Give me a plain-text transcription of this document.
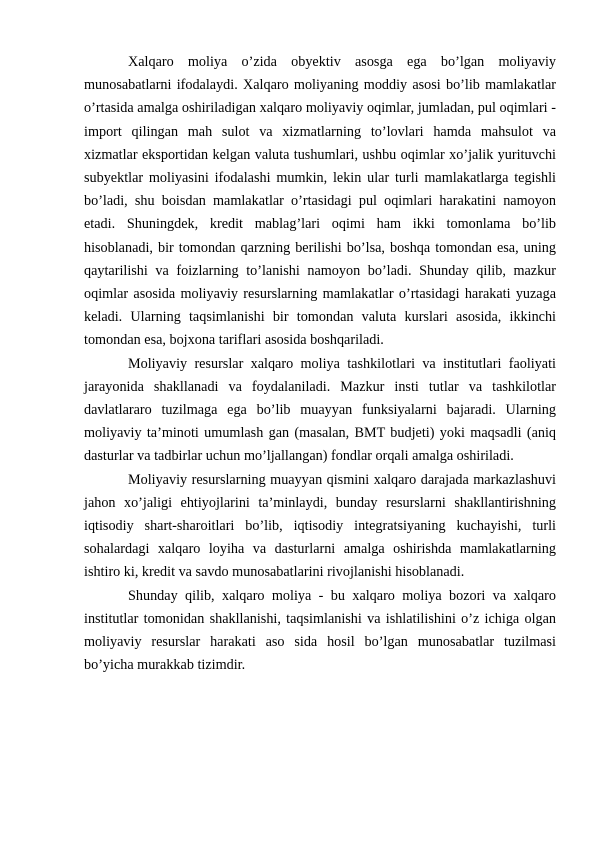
Xalqaro moliya o’zida obyektiv asosga ega bo’lgan moliyaviy munosabatlarni ifodalaydi. Xalqaro moliyaning moddiy asosi bo’lib mamlakatlar o’rtasida amalga oshiriladigan xalqaro moliyaviy oqimlar, jumladan, pul oqimlari - import qilingan mah sulot va xizmatlarning to’lovlari hamda mahsulot va xizmatlar eksportidan kelgan valuta tushumlari, ushbu oqimlar xo’jalik yurituvchi subyektlar moliyasini ifodalashi mumkin, lekin ular turli mamlakatlarga tegishli bo’ladi, shu boisdan mamlakatlar o’rtasidagi pul oqimlari harakatini namoyon etadi. Shuningdek, kredit mablag’lari oqimi ham ikki tomonlama bo’lib hisoblanadi, bir tomondan qarzning berilishi bo’lsa, boshqa tomondan esa, uning qaytarilishi va foizlarning to’lanishi namoyon bo’ladi. Shunday qilib, mazkur oqimlar asosida moliyaviy resurslarning mamlakatlar o’rtasidagi harakati yuzaga keladi. Ularning taqsimlanishi bir tomondan valuta kurslari asosida, ikkinchi tomondan esa, bojxona tariflari asosida boshqariladi.

Moliyaviy resurslar xalqaro moliya tashkilotlari va institutlari faoliyati jarayonida shakllanadi va foydalaniladi. Mazkur insti tutlar va tashkilotlar davlatlararo tuzilmaga ega bo’lib muayyan funksiyalarni bajaradi. Ularning moliyaviy ta’minoti umumlash gan (masalan, BMT budjeti) yoki maqsadli (aniq dasturlar va tadbirlar uchun mo’ljallangan) fondlar orqali amalga oshiriladi.

Moliyaviy resurslarning muayyan qismini xalqaro darajada markazlashuvi jahon xo’jaligi ehtiyojlarini ta’minlaydi, bunday resurslarni shakllantirishning iqtisodiy shart-sharoitlari bo’lib, iqtisodiy integratsiyaning kuchayishi, turli sohalardagi xalqaro loyiha va dasturlarni amalga oshirishda mamlakatlarning ishtiro ki, kredit va savdo munosabatlarini rivojlanishi hisoblanadi.

Shunday qilib, xalqaro moliya - bu xalqaro moliya bozori va xalqaro institutlar tomonidan shakllanishi, taqsimlanishi va ishlatilishini o’z ichiga olgan moliyaviy resurslar harakati aso sida hosil bo’lgan munosabatlar tuzilmasi bo’yicha murakkab tizimdir.
